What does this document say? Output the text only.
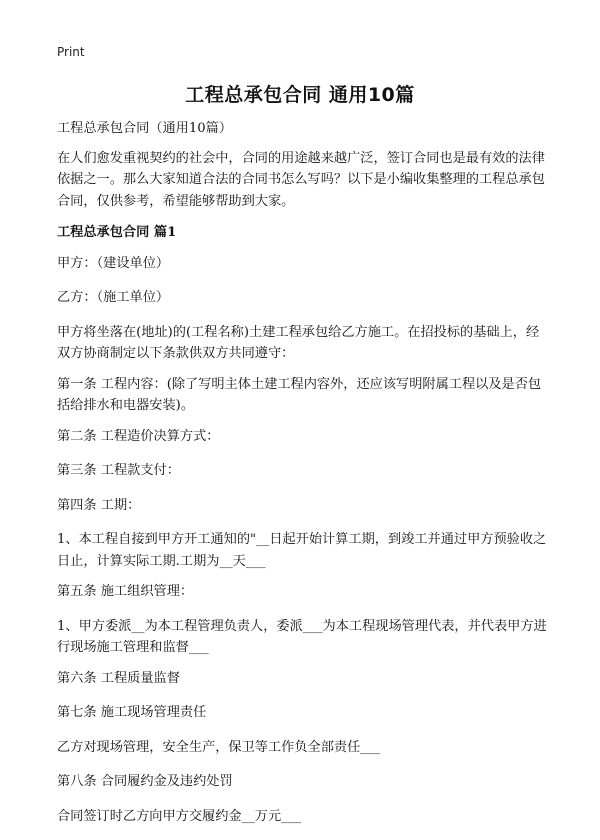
Print
工程总承包合同 通用10篇

工程总承包合同（通用10篇）

在人们愈发重视契约的社会中，合同的用途越来越广泛，签订合同也是最有效的法律依据之一。那么大家知道合法的合同书怎么写吗？以下是小编收集整理的工程总承包合同，仅供参考，希望能够帮助到大家。

工程总承包合同 篇1

甲方：（建设单位）

乙方：（施工单位）

甲方将坐落在(地址)的(工程名称)土建工程承包给乙方施工。在招投标的基础上，经双方协商制定以下条款供双方共同遵守：

第一条 工程内容：(除了写明主体土建工程内容外，还应该写明附属工程以及是否包括给排水和电器安装)。

第二条 工程造价决算方式：

第三条 工程款支付：

第四条 工期：

1、本工程自接到甲方开工通知的"__日起开始计算工期，到竣工并通过甲方预验收之日止，计算实际工期.工期为__天___

第五条 施工组织管理：

1、甲方委派__为本工程管理负责人，委派___为本工程现场管理代表，并代表甲方进行现场施工管理和监督___

第六条 工程质量监督

第七条 施工现场管理责任

乙方对现场管理，安全生产，保卫等工作负全部责任___

第八条 合同履约金及违约处罚

合同签订时乙方向甲方交履约金__万元___
